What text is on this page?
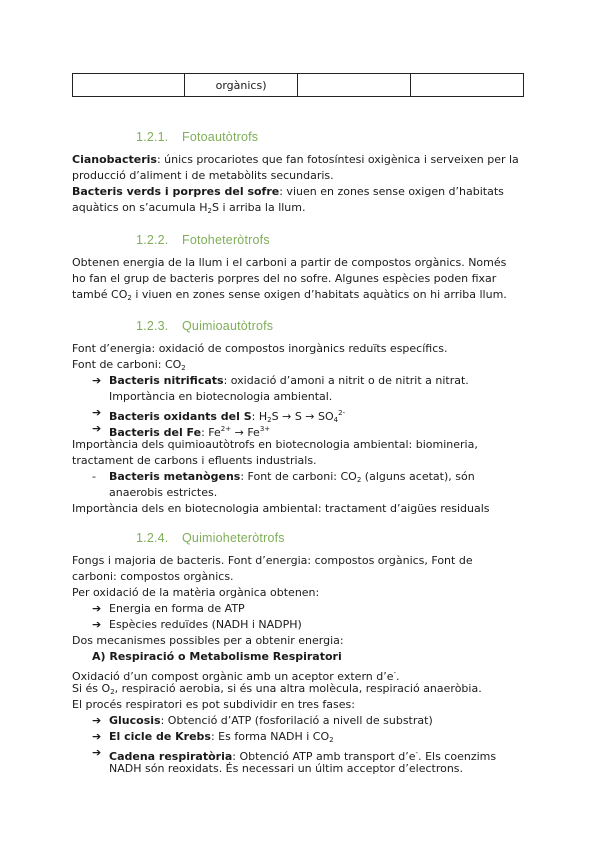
	orgànics)		
1.2.1. Fotoautòtrofs
Cianobacteris: únics procariotes que fan fotosíntesi oxigènica i serveixen per la
producció d’aliment i de metabòlits secundaris.
Bacteris verds i porpres del sofre: viuen en zones sense oxigen d’habitats
aquàtics on s’acumula $H_2S$ i arriba la llum.
1.2.2. Fotoheteròtrofs
Obtenen energia de la llum i el carboni a partir de compostos orgànics. Només
ho fan el grup de bacteris porpres del no sofre. Algunes espècies poden fixar
també $CO_2$ i viuen en zones sense oxigen d’habitats aquàtics on hi arriba llum.
1.2.3. Quimioautòtrofs
Font d’energia: oxidació de compostos inorgànics reduïts específics.
Font de carboni: $CO_2$
➔ Bacteris nitrificats: oxidació d’amoni a nitrit o de nitrit a nitrat.
Importància en biotecnologia ambiental.
➔ Bacteris oxidants del S: $H_2S \to S \to SO_4^{2-}$
➔ Bacteris del Fe: $Fe^{2+} \to Fe^{3+}$
Importància dels quimioautòtrofs en biotecnologia ambiental: biomineria,
tractament de carbons i efluents industrials.
- Bacteris metanògens: Font de carboni: $CO_2$ (alguns acetat), són
anaerobis estrictes.
Importància dels en biotecnologia ambiental: tractament d’aigües residuals
1.2.4. Quimioheteròtrofs
Fongs i majoria de bacteris. Font d’energia: compostos orgànics, Font de
carboni: compostos orgànics.
Per oxidació de la matèria orgànica obtenen:
➔ Energia en forma de ATP
➔ Espècies reduïdes (NADH i NADPH)
Dos mecanismes possibles per a obtenir energia:
A) Respiració o Metabolisme Respiratori
Oxidació d’un compost orgànic amb un aceptor extern d’e-.
Si és $O_2$, respiració aerobia, si és una altra molècula, respiració anaeròbia.
El procés respiratori es pot subdividir en tres fases:
➔ Glucosis: Obtenció d’ATP (fosforilació a nivell de substrat)
➔ El cicle de Krebs: Es forma NADH i $CO_2$
➔ Cadena respiratòria: Obtenció ATP amb transport d’e-. Els coenzims
NADH són reoxidats. És necessari un últim acceptor d’electrons.
